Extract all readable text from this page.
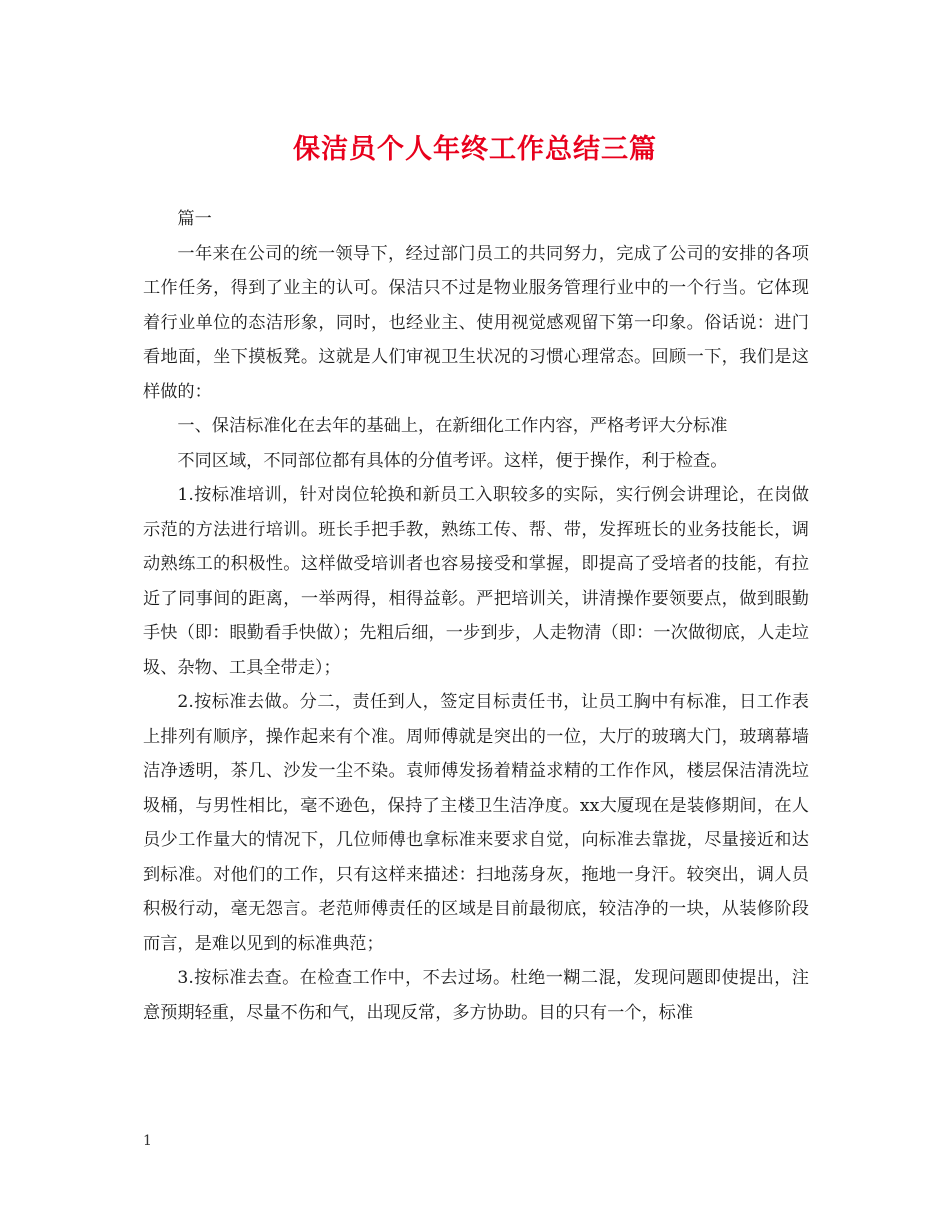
保洁员个人年终工作总结三篇

篇一

一年来在公司的统一领导下，经过部门员工的共同努力，完成了公司的安排的各项工作任务，得到了业主的认可。保洁只不过是物业服务管理行业中的一个行当。它体现着行业单位的态洁形象，同时，也经业主、使用视觉感观留下第一印象。俗话说：进门看地面，坐下摸板凳。这就是人们审视卫生状况的习惯心理常态。回顾一下，我们是这样做的：

一、保洁标准化在去年的基础上，在新细化工作内容，严格考评大分标准

不同区域，不同部位都有具体的分值考评。这样，便于操作，利于检查。

1.按标准培训，针对岗位轮换和新员工入职较多的实际，实行例会讲理论，在岗做示范的方法进行培训。班长手把手教，熟练工传、帮、带，发挥班长的业务技能长，调动熟练工的积极性。这样做受培训者也容易接受和掌握，即提高了受培者的技能，有拉近了同事间的距离，一举两得，相得益彰。严把培训关，讲清操作要领要点，做到眼勤手快（即：眼勤看手快做）；先粗后细，一步到步，人走物清（即：一次做彻底，人走垃圾、杂物、工具全带走）；

2.按标准去做。分二，责任到人，签定目标责任书，让员工胸中有标准，日工作表上排列有顺序，操作起来有个准。周师傅就是突出的一位，大厅的玻璃大门，玻璃幕墙洁净透明，茶几、沙发一尘不染。袁师傅发扬着精益求精的工作作风，楼层保洁清洗垃圾桶，与男性相比，毫不逊色，保持了主楼卫生洁净度。xx大厦现在是装修期间，在人员少工作量大的情况下，几位师傅也拿标准来要求自觉，向标准去靠拢，尽量接近和达到标准。对他们的工作，只有这样来描述：扫地荡身灰，拖地一身汗。较突出，调人员积极行动，毫无怨言。老范师傅责任的区域是目前最彻底，较洁净的一块，从装修阶段而言，是难以见到的标准典范；

3.按标准去查。在检查工作中，不去过场。杜绝一糊二混，发现问题即使提出，注意预期轻重，尽量不伤和气，出现反常，多方协助。目的只有一个，标准

1
